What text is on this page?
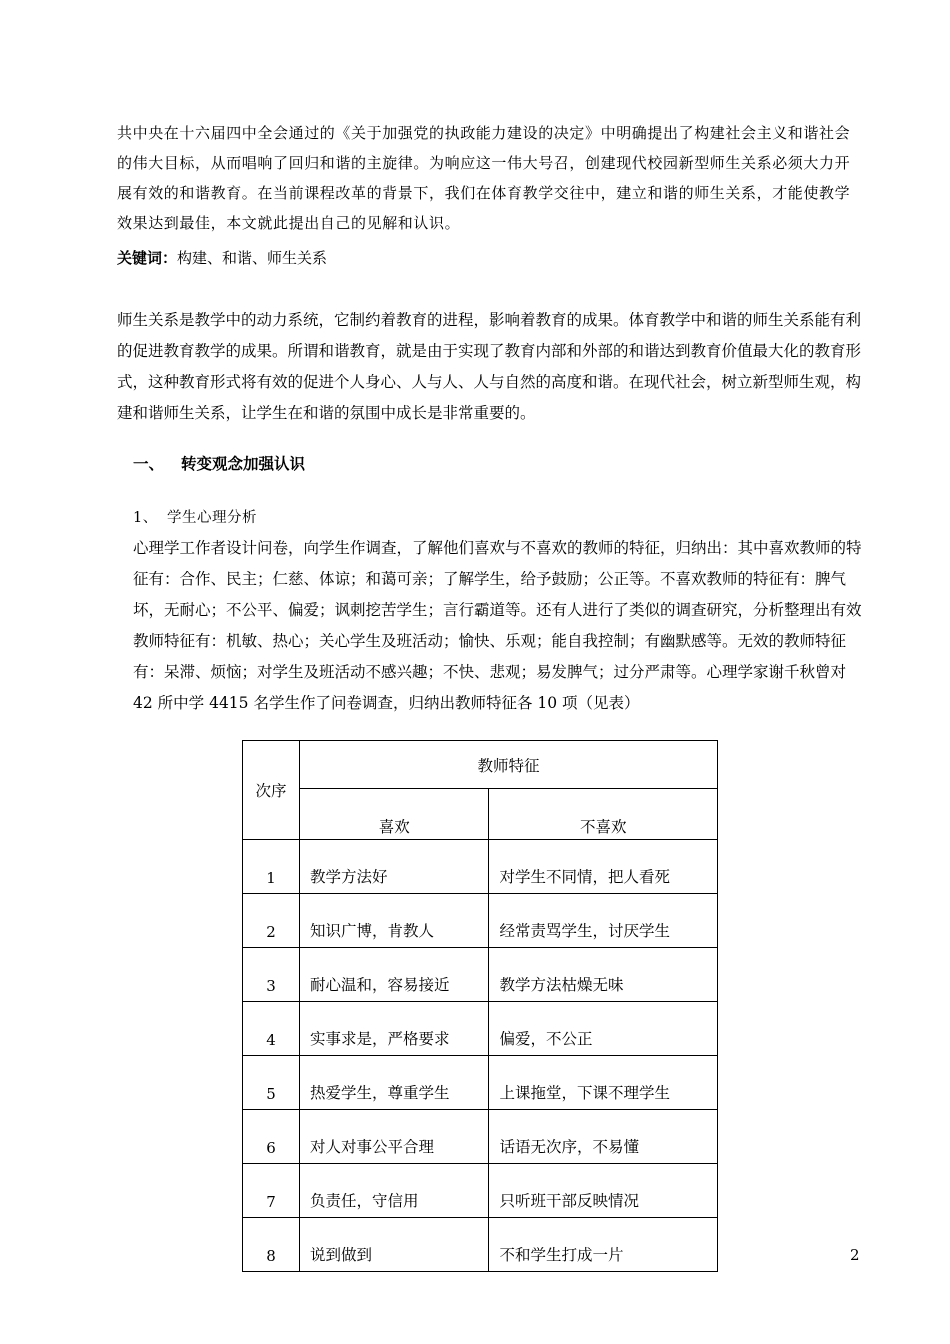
共中央在十六届四中全会通过的《关于加强党的执政能力建设的决定》中明确提出了构建社会主义和谐社会的伟大目标，从而唱响了回归和谐的主旋律。为响应这一伟大号召，创建现代校园新型师生关系必须大力开展有效的和谐教育。在当前课程改革的背景下，我们在体育教学交往中，建立和谐的师生关系，才能使教学效果达到最佳，本文就此提出自己的见解和认识。
关键词：构建、和谐、师生关系
师生关系是教学中的动力系统，它制约着教育的进程，影响着教育的成果。体育教学中和谐的师生关系能有利的促进教育教学的成果。所谓和谐教育，就是由于实现了教育内部和外部的和谐达到教育价值最大化的教育形式，这种教育形式将有效的促进个人身心、人与人、人与自然的高度和谐。在现代社会，树立新型师生观，构建和谐师生关系，让学生在和谐的氛围中成长是非常重要的。
一、 转变观念加强认识
1、 学生心理分析
心理学工作者设计问卷，向学生作调查，了解他们喜欢与不喜欢的教师的特征，归纳出：其中喜欢教师的特征有：合作、民主；仁慈、体谅；和蔼可亲；了解学生，给予鼓励；公正等。不喜欢教师的特征有：脾气坏，无耐心；不公平、偏爱；讽刺挖苦学生；言行霸道等。还有人进行了类似的调查研究，分析整理出有效教师特征有：机敏、热心；关心学生及班活动；愉快、乐观；能自我控制；有幽默感等。无效的教师特征有：呆滞、烦恼；对学生及班活动不感兴趣；不快、悲观；易发脾气；过分严肃等。心理学家谢千秋曾对 42 所中学 4415 名学生作了问卷调查，归纳出教师特征各 10 项（见表）
次序	教师特征	
	喜欢	不喜欢
1	教学方法好	对学生不同情，把人看死
2	知识广博，肯教人	经常责骂学生，讨厌学生
3	耐心温和，容易接近	教学方法枯燥无味
4	实事求是，严格要求	偏爱，不公正
5	热爱学生，尊重学生	上课拖堂，下课不理学生
6	对人对事公平合理	话语无次序，不易懂
7	负责任，守信用	只听班干部反映情况
8	说到做到	不和学生打成一片	2
